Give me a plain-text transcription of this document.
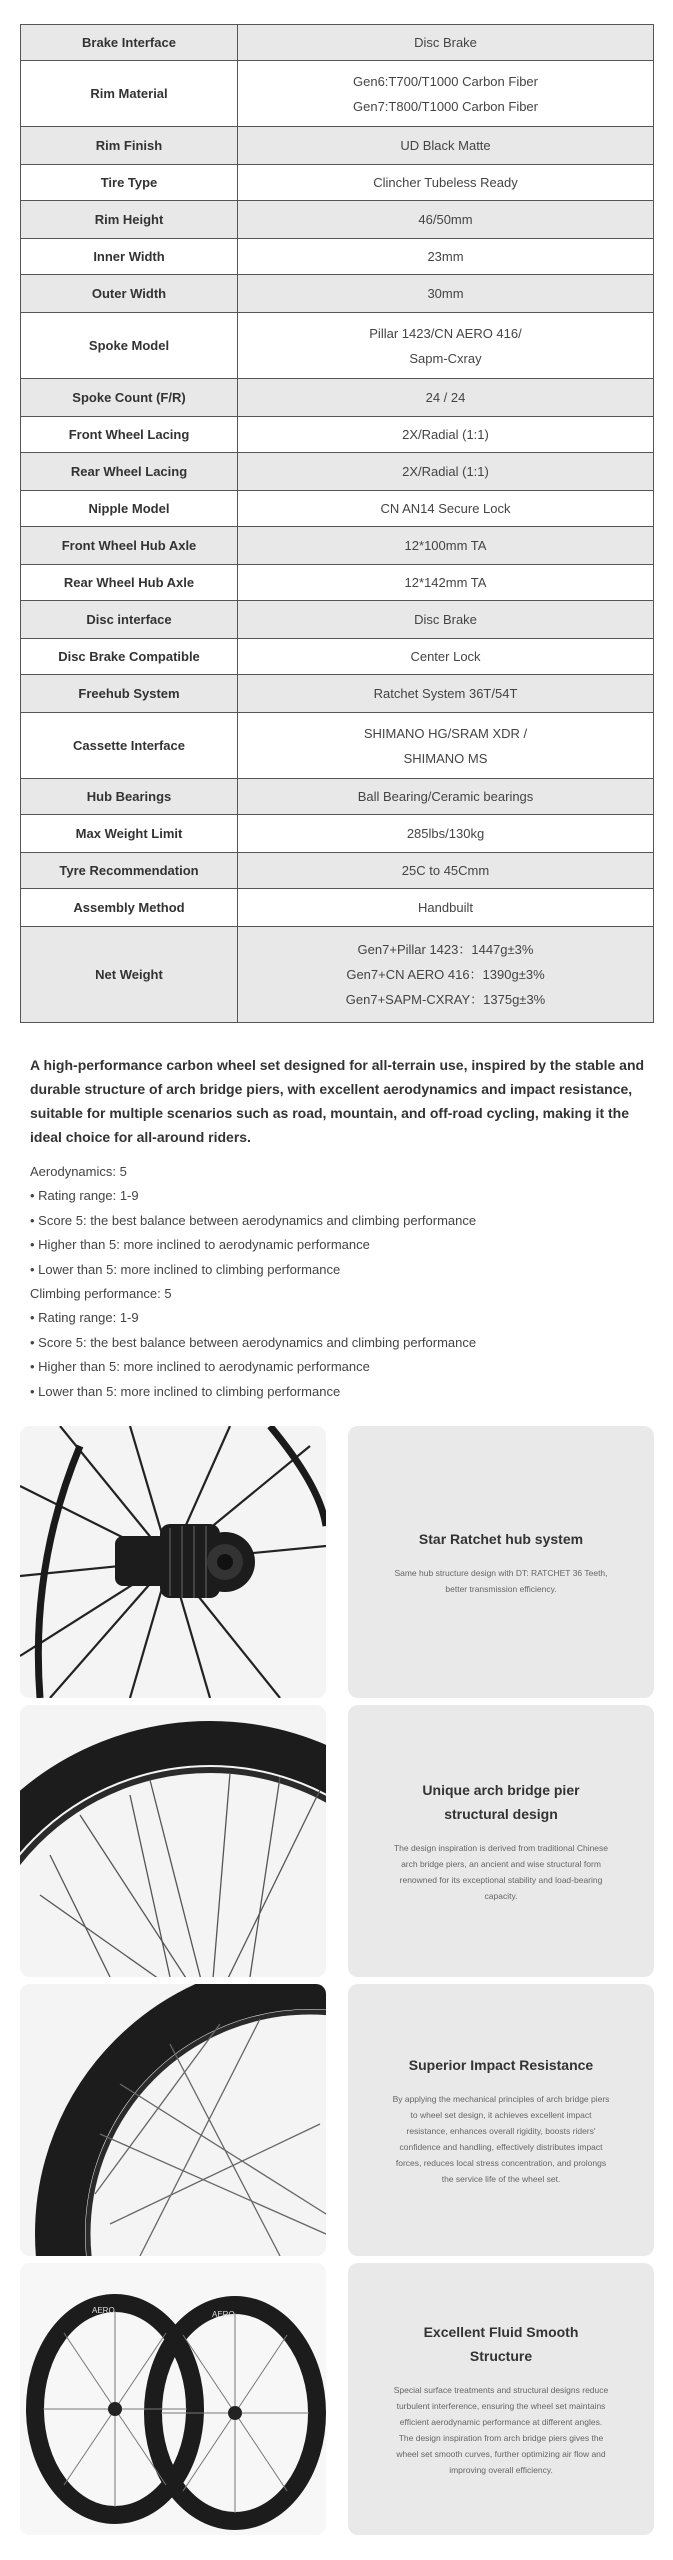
Brake Interface	Disc Brake

Rim Material	Gen6:T700/T1000 Carbon Fiber
Gen7:T800/T1000 Carbon Fiber

Rim Finish	UD Black Matte

Tire Type	Clincher Tubeless Ready

Rim Height	46/50mm

Inner Width	23mm

Outer Width	30mm

Spoke Model	Pillar 1423/CN AERO 416/
Sapm-Cxray

Spoke Count (F/R)	24 / 24

Front Wheel Lacing	2X/Radial (1:1)

Rear Wheel Lacing	2X/Radial (1:1)

Nipple Model	CN AN14 Secure Lock

Front Wheel Hub Axle	12*100mm TA

Rear Wheel Hub Axle	12*142mm TA

Disc interface	Disc Brake

Disc Brake Compatible	Center Lock

Freehub System	Ratchet System 36T/54T

Cassette Interface	SHIMANO HG/SRAM XDR /
SHIMANO MS

Hub Bearings	Ball Bearing/Ceramic bearings

Max Weight Limit	285lbs/130kg

Tyre Recommendation	25C to 45Cmm

Assembly Method	Handbuilt

Net Weight	Gen7+Pillar 1423：1447g±3%
Gen7+CN AERO 416：1390g±3%
Gen7+SAPM-CXRAY：1375g±3%
A high-performance carbon wheel set designed for all-terrain use, inspired by the stable and durable structure of arch bridge piers, with excellent aerodynamics and impact resistance, suitable for multiple scenarios such as road, mountain, and off-road cycling, making it the ideal choice for all-around riders.
Aerodynamics: 5
• Rating range: 1-9
• Score 5: the best balance between aerodynamics and climbing performance
• Higher than 5: more inclined to aerodynamic performance
• Lower than 5: more inclined to climbing performance
Climbing performance: 5
• Rating range: 1-9
• Score 5: the best balance between aerodynamics and climbing performance
• Higher than 5: more inclined to aerodynamic performance
• Lower than 5: more inclined to climbing performance
Star Ratchet hub system

Same hub structure design with DT: RATCHET 36 Teeth, better transmission efficiency.

Unique arch bridge pier structural design

The design inspiration is derived from traditional Chinese arch bridge piers, an ancient and wise structural form renowned for its exceptional stability and load-bearing capacity.

Superior Impact Resistance

By applying the mechanical principles of arch bridge piers to wheel set design, it achieves excellent impact resistance, enhances overall rigidity, boosts riders' confidence and handling, effectively distributes impact forces, reduces local stress concentration, and prolongs the service life of the wheel set.

AERO	AERO
Excellent Fluid Smooth Structure

Special surface treatments and structural designs reduce turbulent interference, ensuring the wheel set maintains efficient aerodynamic performance at different angles. The design inspiration from arch bridge piers gives the wheel set smooth curves, further optimizing air flow and improving overall efficiency.
